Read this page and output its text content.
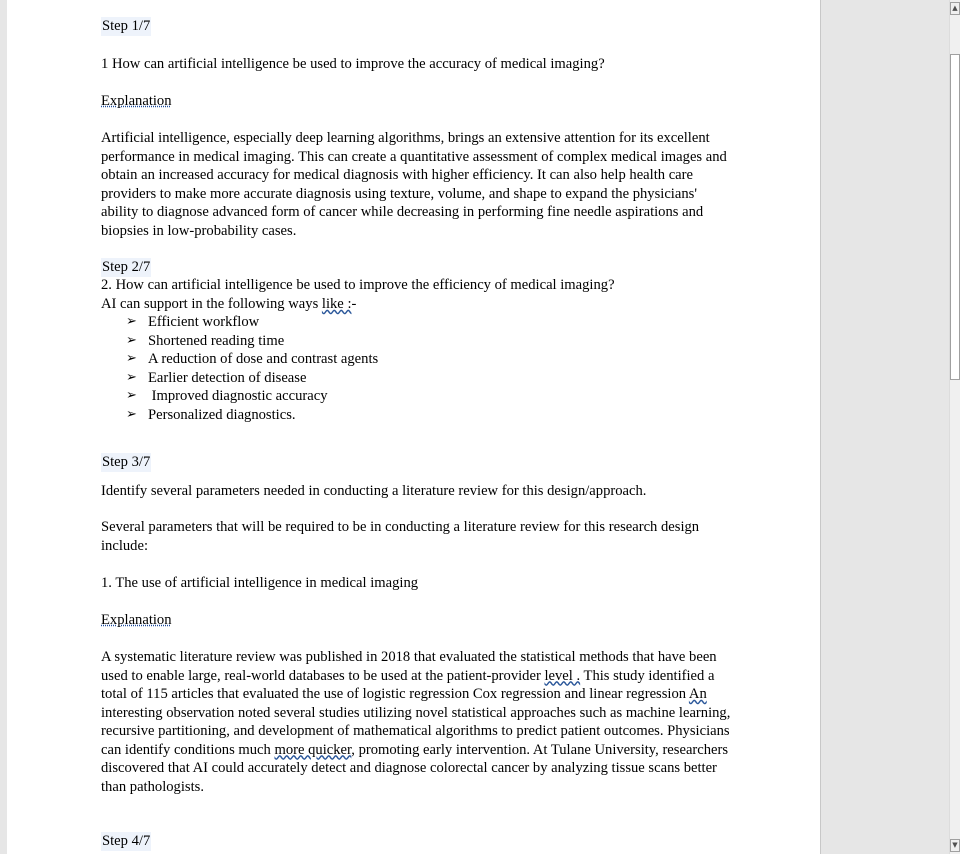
Step 1/7

1 How can artificial intelligence be used to improve the accuracy of medical imaging?

Explanation

Artificial intelligence, especially deep learning algorithms, brings an extensive attention for its excellent performance in medical imaging. This can create a quantitative assessment of complex medical images and obtain an increased accuracy for medical diagnosis with higher efficiency. It can also help health care providers to make more accurate diagnosis using texture, volume, and shape to expand the physicians' ability to diagnose advanced form of cancer while decreasing in performing fine needle aspirations and biopsies in low-probability cases.

Step 2/7

2. How can artificial intelligence be used to improve the efficiency of medical imaging?

AI can support in the following ways like :-

➢ Efficient workflow
➢ Shortened reading time
➢ A reduction of dose and contrast agents
➢ Earlier detection of disease
➢ Improved diagnostic accuracy
➢ Personalized diagnostics.

Step 3/7

Identify several parameters needed in conducting a literature review for this design/approach.

Several parameters that will be required to be in conducting a literature review for this research design include:

1. The use of artificial intelligence in medical imaging

Explanation

A systematic literature review was published in 2018 that evaluated the statistical methods that have been used to enable large, real-world databases to be used at the patient-provider level . This study identified a total of 115 articles that evaluated the use of logistic regression Cox regression and linear regression An interesting observation noted several studies utilizing novel statistical approaches such as machine learning, recursive partitioning, and development of mathematical algorithms to predict patient outcomes. Physicians can identify conditions much more quicker, promoting early intervention. At Tulane University, researchers discovered that AI could accurately detect and diagnose colorectal cancer by analyzing tissue scans better than pathologists.

Step 4/7

▲
▼
